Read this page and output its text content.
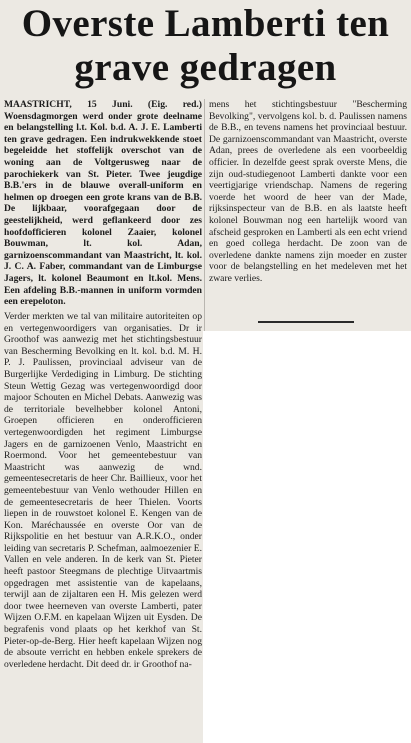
Overste Lamberti ten
grave gedragen

MAASTRICHT, 15 Juni. (Eig. red.) Woensdagmorgen werd onder grote deelname en belangstelling l.t. Kol. b.d. A. J. E. Lamberti ten grave gedragen. Een indrukwekkende stoet begeleidde het stoffelijk overschot van de woning aan de Voltgerusweg naar de parochiekerk van St. Pieter. Twee jeugdige B.B.'ers in de blauwe overall-uniform en helmen op droegen een grote krans van de B.B. De lijkbaar, voorafgegaan door de geestelijkheid, werd geflankeerd door zes hoofdofficieren kolonel Zaaier, kolonel Bouwman, lt. kol. Adan, garnizoenscommandant van Maastricht, lt. kol. J. C. A. Faber, commandant van de Limburgse Jagers, lt. kolonel Beaumont en lt.kol. Mens. Een afdeling B.B.-mannen in uniform vormden een erepeloton.

Verder merkten we tal van militaire autoriteiten op en vertegenwoordigers van organisaties. Dr ir Groothof was aanwezig met het stichtingsbestuur van Bescherming Bevolking en lt. kol. b.d. M. H. P. J. Paulissen, provinciaal adviseur van de Burgerlijke Verdediging in Limburg. De stichting Steun Wettig Gezag was vertegenwoordigd door majoor Schouten en Michel Debats. Aanwezig was de territoriale bevelhebber kolonel Antoni, Groepen officieren en onderofficieren vertegenwoordigden het regiment Limburgse Jagers en de garnizoenen Venlo, Maastricht en Roermond. Voor het gemeentebestuur van Maastricht was aanwezig de wnd. gemeentesecretaris de heer Chr. Baillieux, voor het gemeentebestuur van Venlo wethouder Hillen en de gemeentesecretaris de heer Thielen. Voorts liepen in de rouwstoet kolonel E. Kengen van de Kon. Maréchaussée en overste Oor van de Rijkspolitie en het bestuur van A.R.K.O., onder leiding van secretaris P. Schefman, aalmoezenier E. Vallen en vele anderen. In de kerk van St. Pieter heeft pastoor Steegmans de plechtige Uitvaartmis opgedragen met assistentie van de kapelaans, terwijl aan de zijaltaren een H. Mis gelezen werd door twee heerneven van overste Lamberti, pater Wijzen O.F.M. en kapelaan Wijzen uit Eysden. De begrafenis vond plaats op het kerkhof van St. Pieter-op-de-Berg. Hier heeft kapelaan Wijzen nog de absoute verricht en hebben enkele sprekers de overledene herdacht. Dit deed dr. ir Groothof na-

mens het stichtingsbestuur "Bescherming Bevolking", vervolgens kol. b. d. Paulissen namens de B.B., en tevens namens het provinciaal bestuur. De garnizoenscommandant van Maastricht, overste Adan, prees de overledene als een voorbeeldig officier. In dezelfde geest sprak overste Mens, die zijn oud-studiegenoot Lamberti dankte voor een veertigjarige vriendschap. Namens de regering voerde het woord de heer van der Made, rijksinspecteur van de B.B. en als laatste heeft kolonel Bouwman nog een hartelijk woord van afscheid gesproken en Lamberti als een echt vriend en goed collega herdacht. De zoon van de overledene dankte namens zijn moeder en zuster voor de belangstelling en het medeleven met het zware verlies.
